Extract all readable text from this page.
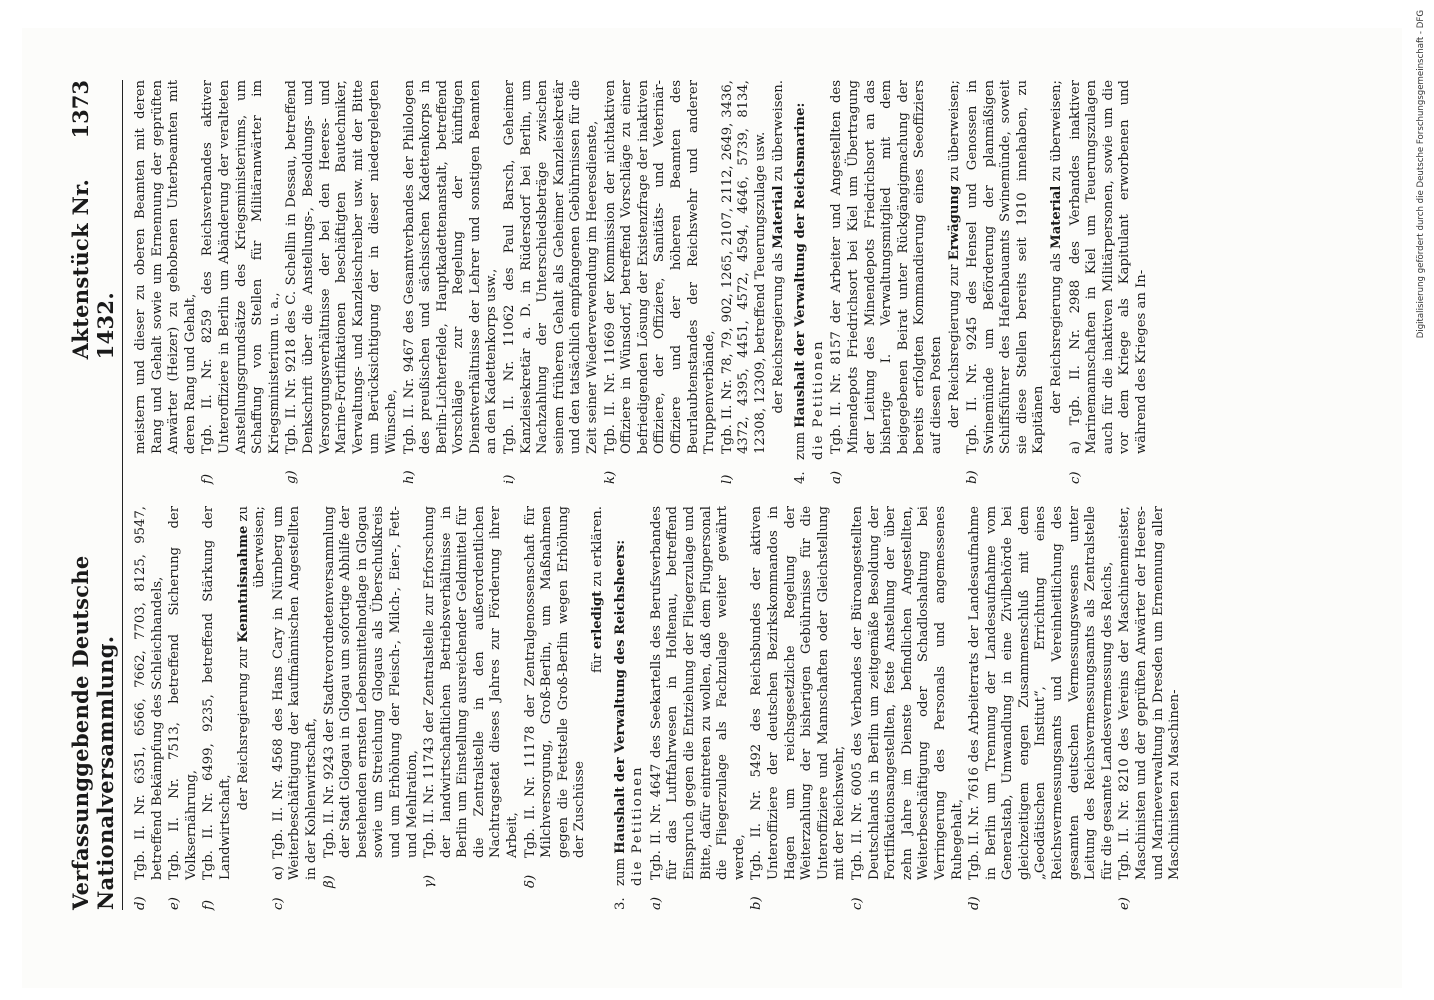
Verfassunggebende Deutsche Nationalversammlung.
Aktenstück Nr. 1432.
1373
d)
Tgb. II. Nr. 6351, 6566, 7662, 7703, 8125, 9547, betreffend Bekämpfung des Schleichhandels,
e)
Tgb. II. Nr. 7513, betreffend Sicherung der Volksernährung,
f)
Tgb. II. Nr. 6499, 9235, betreffend Stärkung der Landwirtschaft,
der Reichsregierung zur Kenntnisnahme zu überweisen;
c)
α) Tgb. II. Nr. 4568 des Hans Cary in Nürnberg um Weiterbeschäftigung der kaufmännischen Angestellten in der Kohlenwirtschaft,
β)
Tgb. II. Nr. 9243 der Stadtverordnetenversammlung der Stadt Glogau in Glogau um sofortige Abhilfe der bestehenden ernsten Lebensmittelnotlage in Glogau sowie um Streichung Glogaus als Überschußkreis und um Erhöhung der Fleisch-, Milch-, Eier-, Fett- und Mehlration,
γ)
Tgb. II. Nr. 11743 der Zentralstelle zur Erforschung der landwirtschaftlichen Betriebsverhältnisse in Berlin um Einstellung ausreichender Geldmittel für die Zentralstelle in den außerordentlichen Nachtragsetat dieses Jahres zur Förderung ihrer Arbeit,
δ)
Tgb. II. Nr. 11178 der Zentralgenossenschaft für Milchversorgung, Groß-Berlin, um Maßnahmen gegen die Fettstelle Groß-Berlin wegen Erhöhung der Zuschüsse
für erledigt zu erklären.
3.
zum Haushalt der Verwaltung des Reichsheers: die Petitionen
a)
Tgb. II. Nr. 4647 des Seekartells des Berufsverbandes für das Luftfahrwesen in Holtenau, betreffend Einspruch gegen die Entziehung der Fliegerzulage und Bitte, dafür eintreten zu wollen, daß dem Flugpersonal die Fliegerzulage als Fachzulage weiter gewährt werde,
b)
Tgb. II. Nr. 5492 des Reichsbundes der aktiven Unteroffiziere der deutschen Bezirkskommandos in Hagen um reichsgesetzliche Regelung der Weiterzahlung der bisherigen Gebührnisse für die Unteroffiziere und Mannschaften oder Gleichstellung mit der Reichswehr,
c)
Tgb. II. Nr. 6005 des Verbandes der Büroangestellten Deutschlands in Berlin um zeitgemäße Besoldung der Fortifikationsangestellten, feste Anstellung der über zehn Jahre im Dienste befindlichen Angestellten, Weiterbeschäftigung oder Schadloshaltung bei Verringerung des Personals und angemessenes Ruhegehalt,
d)
Tgb. II. Nr. 7616 des Arbeiterrats der Landesaufnahme in Berlin um Trennung der Landesaufnahme vom Generalstab, Umwandlung in eine Zivilbehörde bei gleichzeitigem engen Zusammenschluß mit dem „Geodätischen Institut“, Errichtung eines Reichsvermessungsamts und Vereinheitlichung des gesamten deutschen Vermessungswesens unter Leitung des Reichsvermessungsamts als Zentralstelle für die gesamte Landesvermessung des Reichs,
e)
Tgb. II. Nr. 8210 des Vereins der Maschinenmeister, Maschinisten und der geprüften Anwärter der Heeres- und Marineverwaltung in Dresden um Ernennung aller Maschinisten zu Maschinen-
meistern und dieser zu oberen Beamten mit deren Rang und Gehalt sowie um Ernennung der geprüften Anwärter (Heizer) zu gehobenen Unterbeamten mit deren Rang und Gehalt,
f)
Tgb. II. Nr. 8259 des Reichsverbandes aktiver Unteroffiziere in Berlin um Abänderung der veralteten Anstellungsgrundsätze des Kriegsministeriums, um Schaffung von Stellen für Militäranwärter im Kriegsministerium u. a.,
g)
Tgb. II. Nr. 9218 des C. Schellin in Dessau, betreffend Denkschrift über die Anstellungs-, Besoldungs- und Versorgungsverhältnisse der bei den Heeres- und Marine-Fortifikationen beschäftigten Bautechniker, Verwaltungs- und Kanzleischreiber usw. mit der Bitte um Berücksichtigung der in dieser niedergelegten Wünsche,
h)
Tgb. II. Nr. 9467 des Gesamtverbandes der Philologen des preußischen und sächsischen Kadettenkorps in Berlin-Lichterfelde, Hauptkadettenanstalt, betreffend Vorschläge zur Regelung der künftigen Dienstverhältnisse der Lehrer und sonstigen Beamten an den Kadettenkorps usw.,
i)
Tgb. II. Nr. 11062 des Paul Barsch, Geheimer Kanzleisekretär a. D. in Rüdersdorf bei Berlin, um Nachzahlung der Unterschiedsbeträge zwischen seinem früheren Gehalt als Geheimer Kanzleisekretär und den tatsächlich empfangenen Gebührnissen für die Zeit seiner Wiederverwendung im Heeresdienste,
k)
Tgb. II. Nr. 11669 der Kommission der nichtaktiven Offiziere in Wünsdorf, betreffend Vorschläge zu einer befriedigenden Lösung der Existenzfrage der inaktiven Offiziere, der Offiziere, Sanitäts- und Veterinär-Offiziere und der höheren Beamten des Beurlaubtenstandes der Reichswehr und anderer Truppenverbände,
l)
Tgb. II. Nr. 78, 79, 902, 1265, 2107, 2112, 2649, 3436, 4372, 4395, 4451, 4572, 4594, 4646, 5739, 8134, 12308, 12309, betreffend Teuerungszulage usw. der Reichsregierung als Material zu überweisen.
4.
zum Haushalt der Verwaltung der Reichsmarine: die Petitionen
a)
Tgb. II. Nr. 8157 der Arbeiter und Angestellten des Minendepots Friedrichsort bei Kiel um Übertragung der Leitung des Minendepots Friedrichsort an das bisherige I. Verwaltungsmitglied mit dem beigegebenen Beirat unter Rückgängigmachung der bereits erfolgten Kommandierung eines Seeoffiziers auf diesen Posten der Reichsregierung zur Erwägung zu überweisen;
b)
Tgb. II. Nr. 9245 des Hensel und Genossen in Swinemünde um Beförderung der planmäßigen Schiffsführer des Hafenbauamts Swinemünde, soweit sie diese Stellen bereits seit 1910 innehaben, zu Kapitänen
der Reichsregierung als Material zu überweisen;
c)
a) Tgb. II. Nr. 2988 des Verbandes inaktiver Marinemannschaften in Kiel um Teuerungszulagen auch für die inaktiven Militärpersonen, sowie um die vor dem Kriege als Kapitulant erworbenen und während des Krieges an In-
Digitalisierung gefördert durch die Deutsche Forschungsgemeinschaft - DFG
